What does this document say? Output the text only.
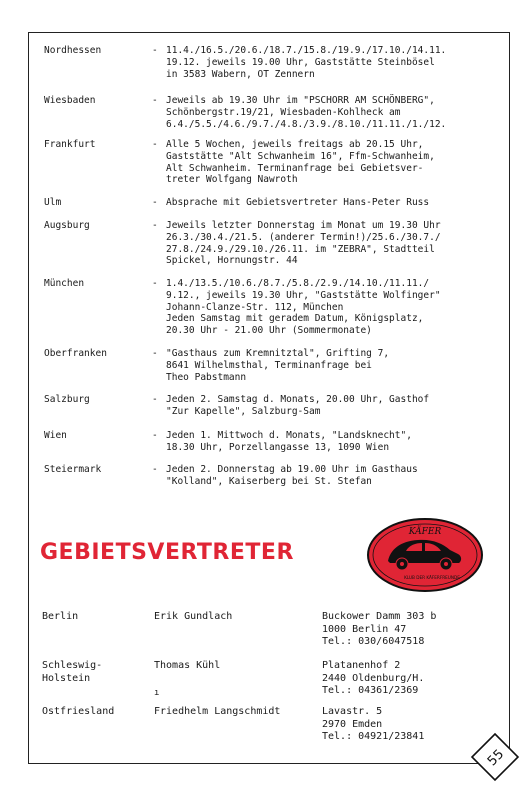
Nordhessen	- 11.4./16.5./20.6./18.7./15.8./19.9./17.10./14.11.
19.12. jeweils 19.00 Uhr, Gaststätte Steinbösel
in 3583 Wabern, OT Zennern
Wiesbaden	- Jeweils ab 19.30 Uhr im "PSCHORR AM SCHÖNBERG",
Schönbergstr.19/21, Wiesbaden-Kohlheck am
6.4./5.5./4.6./9.7./4.8./3.9./8.10./11.11./1./12.
Frankfurt	- Alle 5 Wochen, jeweils freitags ab 20.15 Uhr,
Gaststätte "Alt Schwanheim 16", Ffm-Schwanheim,
Alt Schwanheim. Terminanfrage bei Gebietsver-
treter Wolfgang Nawroth
Ulm	- Absprache mit Gebietsvertreter Hans-Peter Russ
Augsburg	- Jeweils letzter Donnerstag im Monat um 19.30 Uhr
26.3./30.4./21.5. (anderer Termin!)/25.6./30.7./
27.8./24.9./29.10./26.11. im "ZEBRA", Stadtteil
Spickel, Hornungstr. 44
München	- 1.4./13.5./10.6./8.7./5.8./2.9./14.10./11.11./
9.12., jeweils 19.30 Uhr, "Gaststätte Wolfinger"
Johann-Clanze-Str. 112, München
Jeden Samstag mit geradem Datum, Königsplatz,
20.30 Uhr - 21.00 Uhr (Sommermonate)
Oberfranken	- "Gasthaus zum Kremnitztal", Grifting 7,
8641 Wilhelmsthal, Terminanfrage bei
Theo Pabstmann
Salzburg	- Jeden 2. Samstag d. Monats, 20.00 Uhr, Gasthof
"Zur Kapelle", Salzburg-Sam
Wien	- Jeden 1. Mittwoch d. Monats, "Landsknecht",
18.30 Uhr, Porzellangasse 13, 1090 Wien
Steiermark	- Jeden 2. Donnerstag ab 19.00 Uhr im Gasthaus
"Kolland", Kaiserberg bei St. Stefan
GEBIETSVERTRETER
KÄFER
KLUB DER KÄFERFREUNDE
Berlin	Erik Gundlach	Buckower Damm 303 b
1000 Berlin 47
Tel.: 030/6047518
Schleswig-
Holstein
Thomas Kühl	Platanenhof 2
2440 Oldenburg/H.
Tel.: 04361/2369
Ostfriesland	Friedhelm Langschmidt	Lavastr. 5
2970 Emden
Tel.: 04921/23841
ı
55
